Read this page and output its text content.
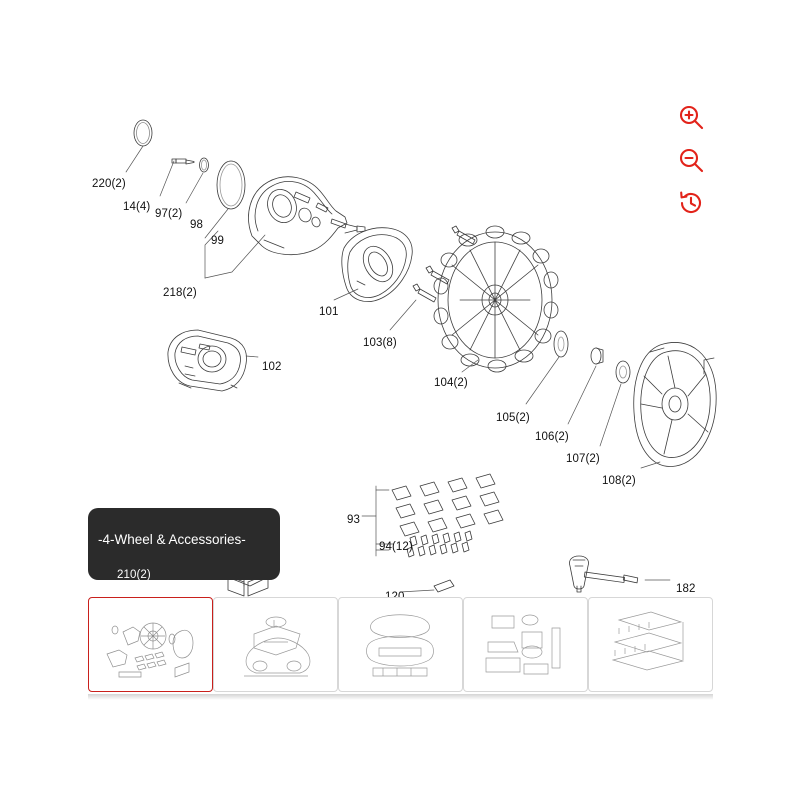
220(2)
14(4)
97(2)
98
99
218(2)
101
102
103(8)
104(2)
105(2)
106(2)
107(2)
108(2)
93
94(12)
210(2)
182
-4-Wheel & Accessories-
